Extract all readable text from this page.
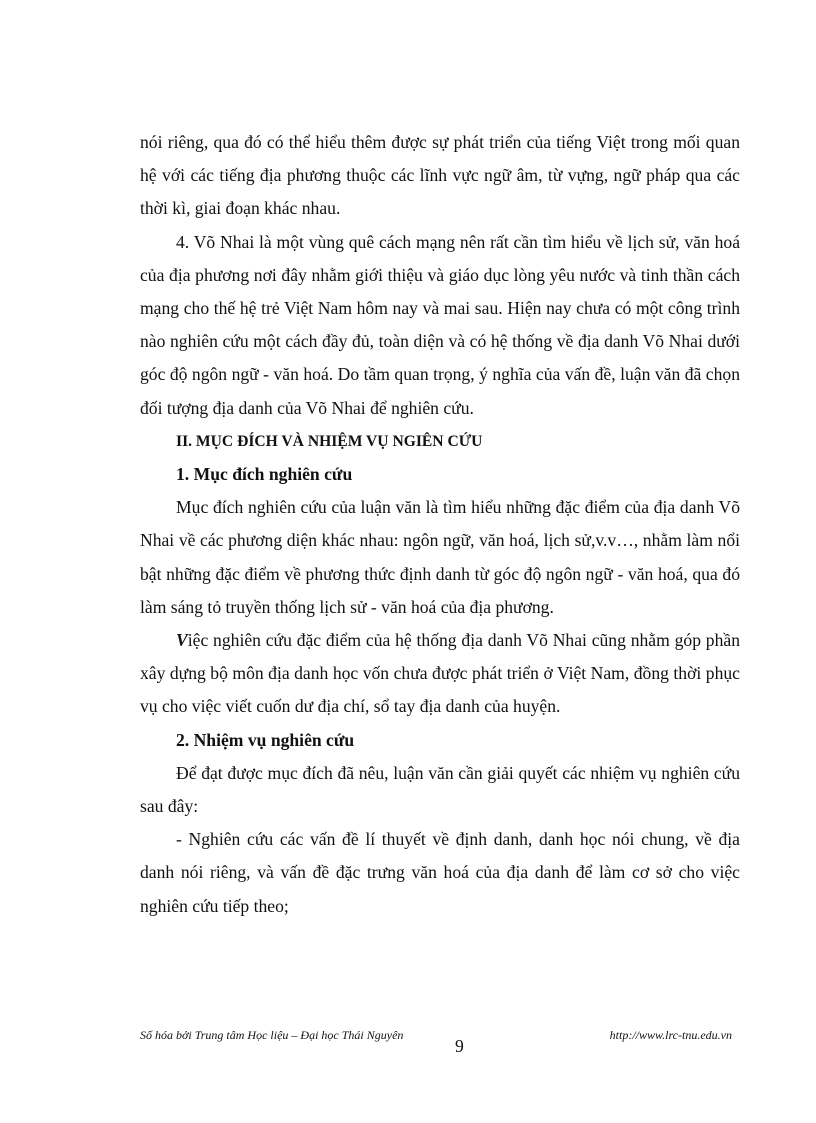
nói riêng, qua đó có thể hiểu thêm được sự phát triển của tiếng Việt trong mối quan hệ với các tiếng địa phương thuộc các lĩnh vực ngữ âm, từ vựng, ngữ pháp qua các thời kì, giai đoạn khác nhau.

4. Võ Nhai là một vùng quê cách mạng nên rất cần tìm hiểu về lịch sử, văn hoá của địa phương nơi đây nhằm giới thiệu và giáo dục lòng yêu nước và tinh thần cách mạng cho thế hệ trẻ Việt Nam hôm nay và mai sau. Hiện nay chưa có một công trình nào nghiên cứu một cách đầy đủ, toàn diện và có hệ thống về địa danh Võ Nhai dưới góc độ ngôn ngữ - văn hoá. Do tầm quan trọng, ý nghĩa của vấn đề, luận văn đã chọn đối tượng địa danh của Võ Nhai để nghiên cứu.

II. MỤC ĐÍCH VÀ NHIỆM VỤ NGIÊN CỨU

1. Mục đích nghiên cứu

Mục đích nghiên cứu của luận văn là tìm hiểu những đặc điểm của địa danh Võ Nhai về các phương diện khác nhau: ngôn ngữ, văn hoá, lịch sử,v.v…, nhằm làm nổi bật những đặc điểm về phương thức định danh từ góc độ ngôn ngữ - văn hoá, qua đó làm sáng tỏ truyền thống lịch sử - văn hoá của địa phương.

Việc nghiên cứu đặc điểm của hệ thống địa danh Võ Nhai cũng nhằm góp phần xây dựng bộ môn địa danh học vốn chưa được phát triển ở Việt Nam, đồng thời phục vụ cho việc viết cuốn dư địa chí, sổ tay địa danh của huyện.

2. Nhiệm vụ nghiên cứu

Để đạt được mục đích đã nêu, luận văn cần giải quyết các nhiệm vụ nghiên cứu sau đây:

- Nghiên cứu các vấn đề lí thuyết về định danh, danh học nói chung, về địa danh nói riêng, và vấn đề đặc trưng văn hoá của địa danh để làm cơ sở cho việc nghiên cứu tiếp theo;

Số hóa bởi Trung tâm Học liệu – Đại học Thái Nguyên
9
http://www.lrc-tnu.edu.vn
